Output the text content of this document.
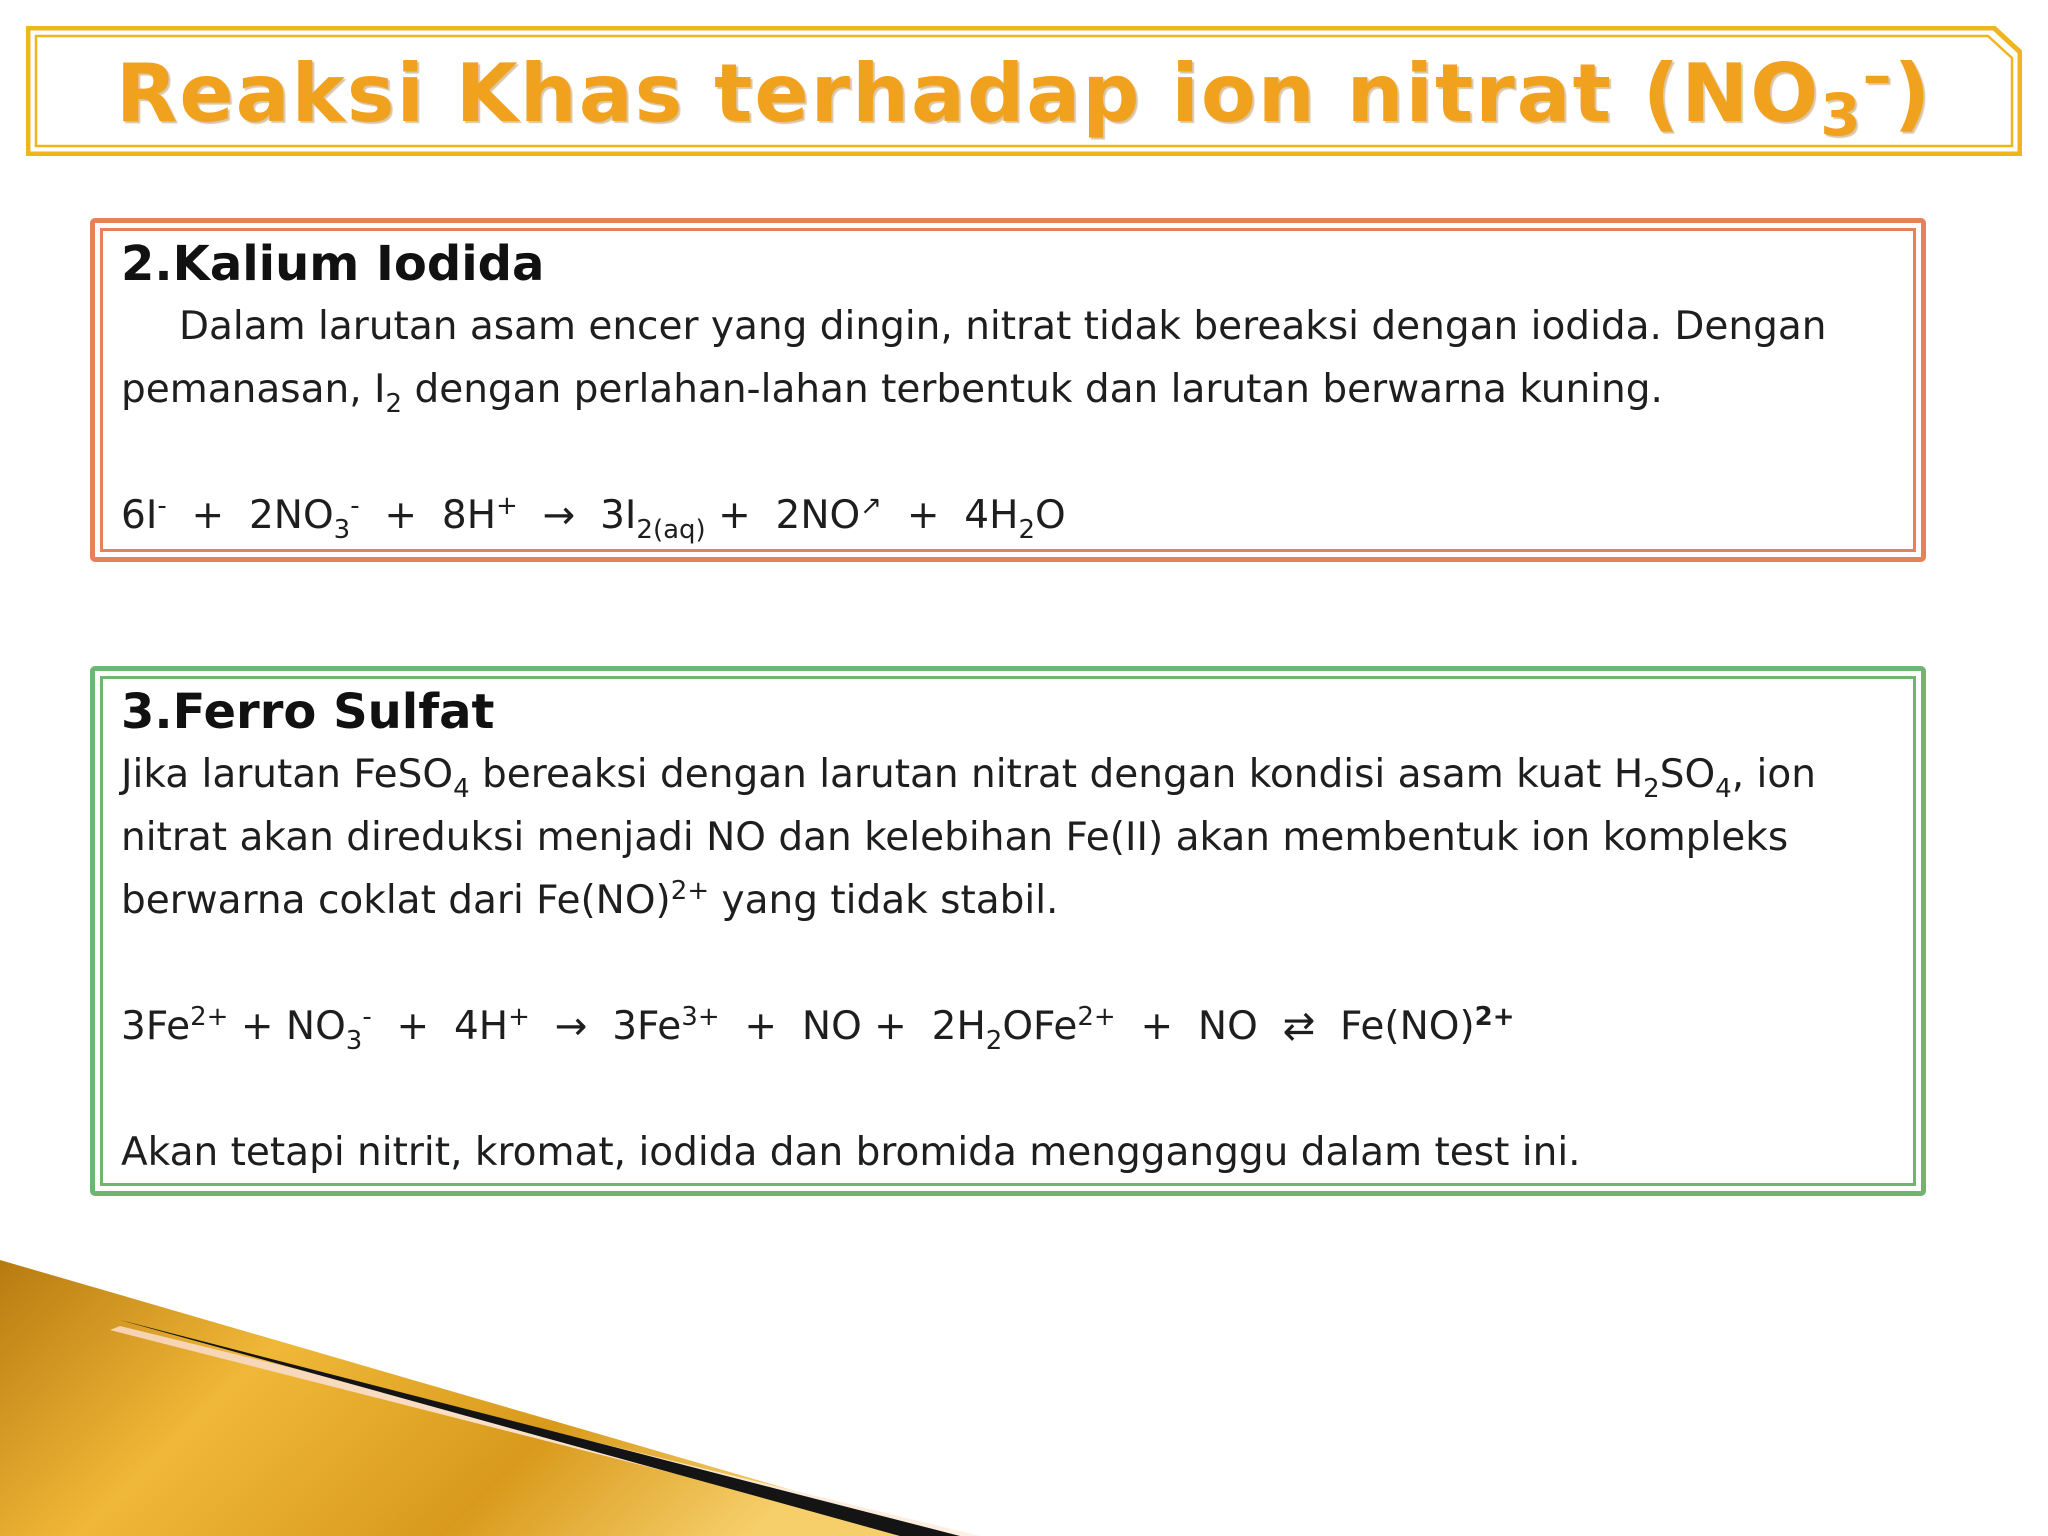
Reaksi Khas terhadap ion nitrat $(NO_3^-)$
2.Kalium Iodida

Dalam larutan asam encer yang dingin, nitrat tidak bereaksi dengan iodida. Dengan

pemanasan, $I_2$ dengan perlahan-lahan terbentuk dan larutan berwarna kuning.

$6I^- + 2NO_3^- + 8H^+ \to 3I_{2(aq)} + 2NO^↗ + 4H_2O$

3.Ferro Sulfat

Jika larutan FeSO$_4$ bereaksi dengan larutan nitrat dengan kondisi asam kuat $H_2SO_4$, ion

nitrat akan direduksi menjadi NO dan kelebihan Fe(II) akan membentuk ion kompleks

berwarna coklat dari Fe(NO)$^{2+}$ yang tidak stabil.

$3Fe^{2+} + NO_3^- + 4H^+ \to 3Fe^{3+}$  +  NO +  $2H_2OFe^{2+}$  +  NO  ⇄  Fe(NO)$^{2+}$

Akan tetapi nitrit, kromat, iodida dan bromida mengganggu dalam test ini.
